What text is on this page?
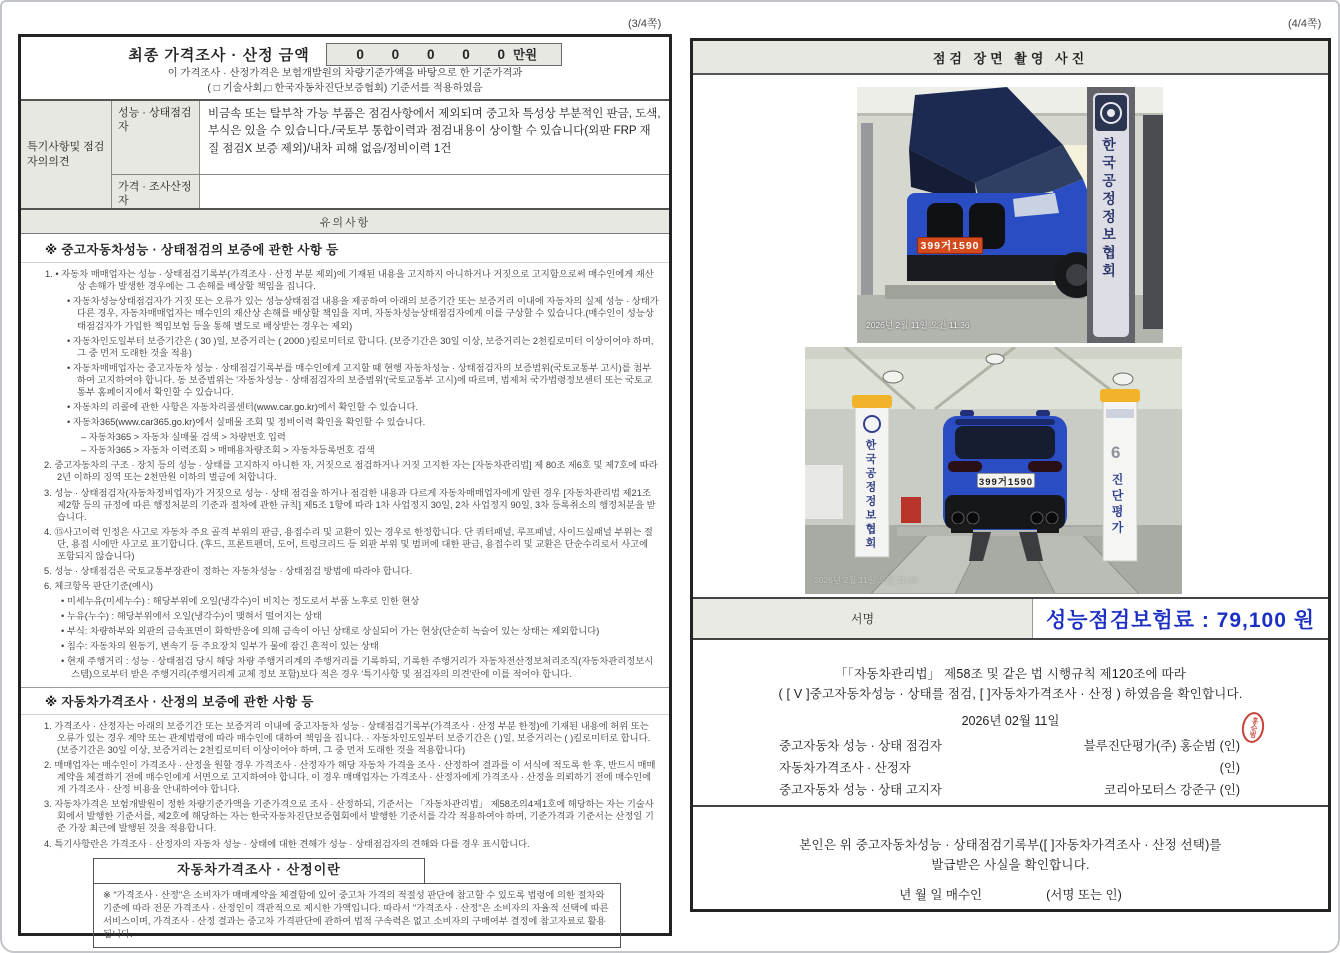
(3/4쪽)	(4/4쪽)
최종 가격조사 · 산정 금액	0 0 0 0 0
만원
이 가격조사 · 산정가격은 보험개발원의 차량기준가액을 바탕으로 한 기준가격과
( □ 기술사회,□ 한국자동차진단보증협회) 기준서를 적용하였음
특기사항및 점검자의의견
성능 · 상태점검자
비금속 또는 탈부착 가능 부품은 점검사항에서 제외되며 중고차 특성상 부분적인 판금, 도색, 부식은 있을 수 있습니다./국토부 통합이력과 점검내용이 상이할 수 있습니다(외판 FRP 재질 점검X 보증 제외)/내차 피해 없음/정비이력 1건
가격 · 조사산정자
유의사항
※ 중고자동차성능 · 상태점검의 보증에 관한 사항 등
1. • 자동차 매매업자는 성능 · 상태점검기록부(가격조사 · 산정 부분 제외)에 기재된 내용을 고지하지 아니하거나 거짓으로 고지함으로써 매수인에게 재산상 손해가 발생한 경우에는 그 손해를 배상할 책임을 집니다.
• 자동차성능상태점검자가 거짓 또는 오류가 있는 성능상태점검 내용을 제공하여 아래의 보증기간 또는 보증거리 이내에 자동차의 실제 성능 · 상태가 다른 경우, 자동차매매업자는 매수인의 재산상 손해를 배상할 책임을 지며, 자동차성능상태점검자에게 이를 구상할 수 있습니다.(매수인이 성능상태점검자가 가입한 책임보험 등을 통해 별도로 배상받는 경우는 제외)
• 자동차인도일부터 보증기간은 ( 30 )일, 보증거리는 ( 2000 )킬로미터로 합니다. (보증기간은 30일 이상, 보증거리는 2천킬로미터 이상이어야 하며, 그 중 먼저 도래한 것을 적용)
• 자동차매매업자는 중고자동차 성능 · 상태점검기록부를 매수인에게 고지할 때 현행 자동차성능 · 상태점검자의 보증범위(국토교통부 고시)를 첨부하여 고지하여야 합니다. 동 보증범위는 '자동차성능 · 상태점검자의 보증범위'(국토교통부 고시)에 따르며, 법제처 국가법령정보센터 또는 국토교통부 홈페이지에서 확인할 수 있습니다.
• 자동차의 리콜에 관한 사항은 자동차리콜센터(www.car.go.kr)에서 확인할 수 있습니다.
• 자동차365(www.car365.go.kr)에서 실매물 조회 및 정비이력 확인을 확인할 수 있습니다.
– 자동차365 > 자동차 실매물 검색 > 차량번호 입력
– 자동차365 > 자동차 이력조회 > 매매용차량조회 > 자동차등록번호 검색
2. 중고자동차의 구조 · 장치 등의 성능 · 상태를 고지하지 아니한 자, 거짓으로 점검하거나 거짓 고지한 자는 [자동차관리법] 제 80조 제6호 및 제7호에 따라 2년 이하의 징역 또는 2천만원 이하의 벌금에 처합니다.
3. 성능 · 상태점검자(자동차정비업자)가 거짓으로 성능 · 상태 점검을 하거나 점검한 내용과 다르게 자동차매매업자에게 알린 경우 [자동차관리법 제21조 제2항 등의 규정에 따른 행정처분의 기준과 절차에 관한 규칙] 제5조 1항에 따라 1차 사업정지 30일, 2차 사업정지 90일, 3차 등록취소의 행정처분을 받습니다.
4. ⑮사고이력 인정은 사고로 자동차 주요 골격 부위의 판금, 용접수리 및 교환이 있는 경우로 한정합니다. 단 쿼터패널, 루프패널, 사이드실패널 부위는 절단, 용접 시에만 사고로 표기합니다. (후드, 프론트펜더, 도어, 트렁크리드 등 외판 부위 및 범퍼에 대한 판금, 용접수리 및 교환은 단순수리로서 사고에 포함되지 않습니다)
5. 성능 · 상태점검은 국토교통부장관이 정하는 자동차성능 · 상태점검 방법에 따라야 합니다.
6. 체크항목 판단기준(예시)
• 미세누유(미세누수) : 해당부위에 오일(냉각수)이 비치는 정도로서 부품 노후로 인한 현상
• 누유(누수) : 해당부위에서 오일(냉각수)이 맺혀서 떨어지는 상태
• 부식: 차량하부와 외판의 금속표면이 화학반응에 의해 금속이 아닌 상태로 상실되어 가는 현상(단순히 녹슬어 있는 상태는 제외합니다)
• 침수: 자동차의 원동기, 변속기 등 주요장치 일부가 물에 잠긴 흔적이 있는 상태
• 현재 주행거리 : 성능 · 상태점검 당시 해당 차량 주행거리계의 주행거리를 기록하되, 기록한 주행거리가 자동차전산정보처리조직(자동차관리정보시스템)으로부터 받은 주행거리(주행거리계 교체 정보 포함)보다 적은 경우 '특기사항 및 점검자의 의견'란에 이를 적어야 합니다.
※ 자동차가격조사 · 산정의 보증에 관한 사항 등
1. 가격조사 · 산정자는 아래의 보증기간 또는 보증거리 이내에 중고자동차 성능 · 상태점검기록부(가격조사 · 산정 부분 한정)에 기재된 내용에 허위 또는 오류가 있는 경우 계약 또는 관계법령에 따라 매수인에 대하여 책임을 집니다. · 자동차인도일부터 보증기간은 ( )일, 보증거리는 ( )킬로미터로 합니다. (보증기간은 30일 이상, 보증거리는 2천킬로미터 이상이어야 하며, 그 중 먼저 도래한 것을 적용합니다)
2. 매매업자는 매수인이 가격조사 · 산정을 원할 경우 가격조사 · 산정자가 해당 자동차 가격을 조사 · 산정하여 결과를 이 서식에 적도록 한 후, 반드시 매매계약을 체결하기 전에 매수인에게 서면으로 고지하여야 합니다. 이 경우 매매업자는 가격조사 · 산정자에게 가격조사 · 산정을 의뢰하기 전에 매수인에게 가격조사 · 산정 비용을 안내하여야 합니다.
3. 자동차가격은 보험개발원이 정한 차량기준가액을 기준가격으로 조사 · 산정하되, 기준서는 「자동차관리법」 제58조의4제1호에 해당하는 자는 기술사회에서 발행한 기준서를, 제2호에 해당하는 자는 한국자동차진단보증협회에서 발행한 기준서를 각각 적용하여야 하며, 기준가격과 기준서는 산정일 기준 가장 최근에 발행된 것을 적용합니다.
4. 특기사항란은 가격조사 · 산정자의 자동차 성능 · 상태에 대한 견해가 성능 · 상태점검자의 견해와 다를 경우 표시합니다.
자동차가격조사 · 산정이란
※ "가격조사 · 산정"은 소비자가 매매계약을 체결함에 있어 중고차 가격의 적절성 판단에 참고할 수 있도록 법령에 의한 절차와 기준에 따라 전문 가격조사 · 산정인이 객관적으로 제시한 가액입니다. 따라서 "가격조사 · 산정"은 소비자의 자율적 선택에 따른 서비스이며, 가격조사 · 산정 결과는 중고차 가격판단에 관하여 법적 구속력은 없고 소비자의 구매여부 결정에 참고자료로 활용됩니다.
점검 장면 촬영 사진
한국공정정보협회
399거1590
2026년 2월 11일 오전 11:36
한국공정정보협회	6
진단평가
399거1590
2026년 2월 11일 오전 11:36
서명	성능점검보험료 : 79,100 원
「「자동차관리법」 제58조 및 같은 법 시행규칙 제120조에 따라
( [ V ]중고자동차성능 · 상태를 점검, [ ]자동차가격조사 · 산정 ) 하였음을 확인합니다.
2026년 02월 11일
중고자동차 성능 · 상태 점검자	블루진단평가(주) 홍순범 (인)
자동차가격조사 · 산정자	(인)
중고자동차 성능 · 상태 고지자	코리아모터스 강준구 (인)
홍순범
본인은 위 중고자동차성능 · 상태점검기록부([ ]자동차가격조사 · 산정 선택)를
발급받은 사실을 확인합니다.
년 월 일 매수인	(서명 또는 인)
